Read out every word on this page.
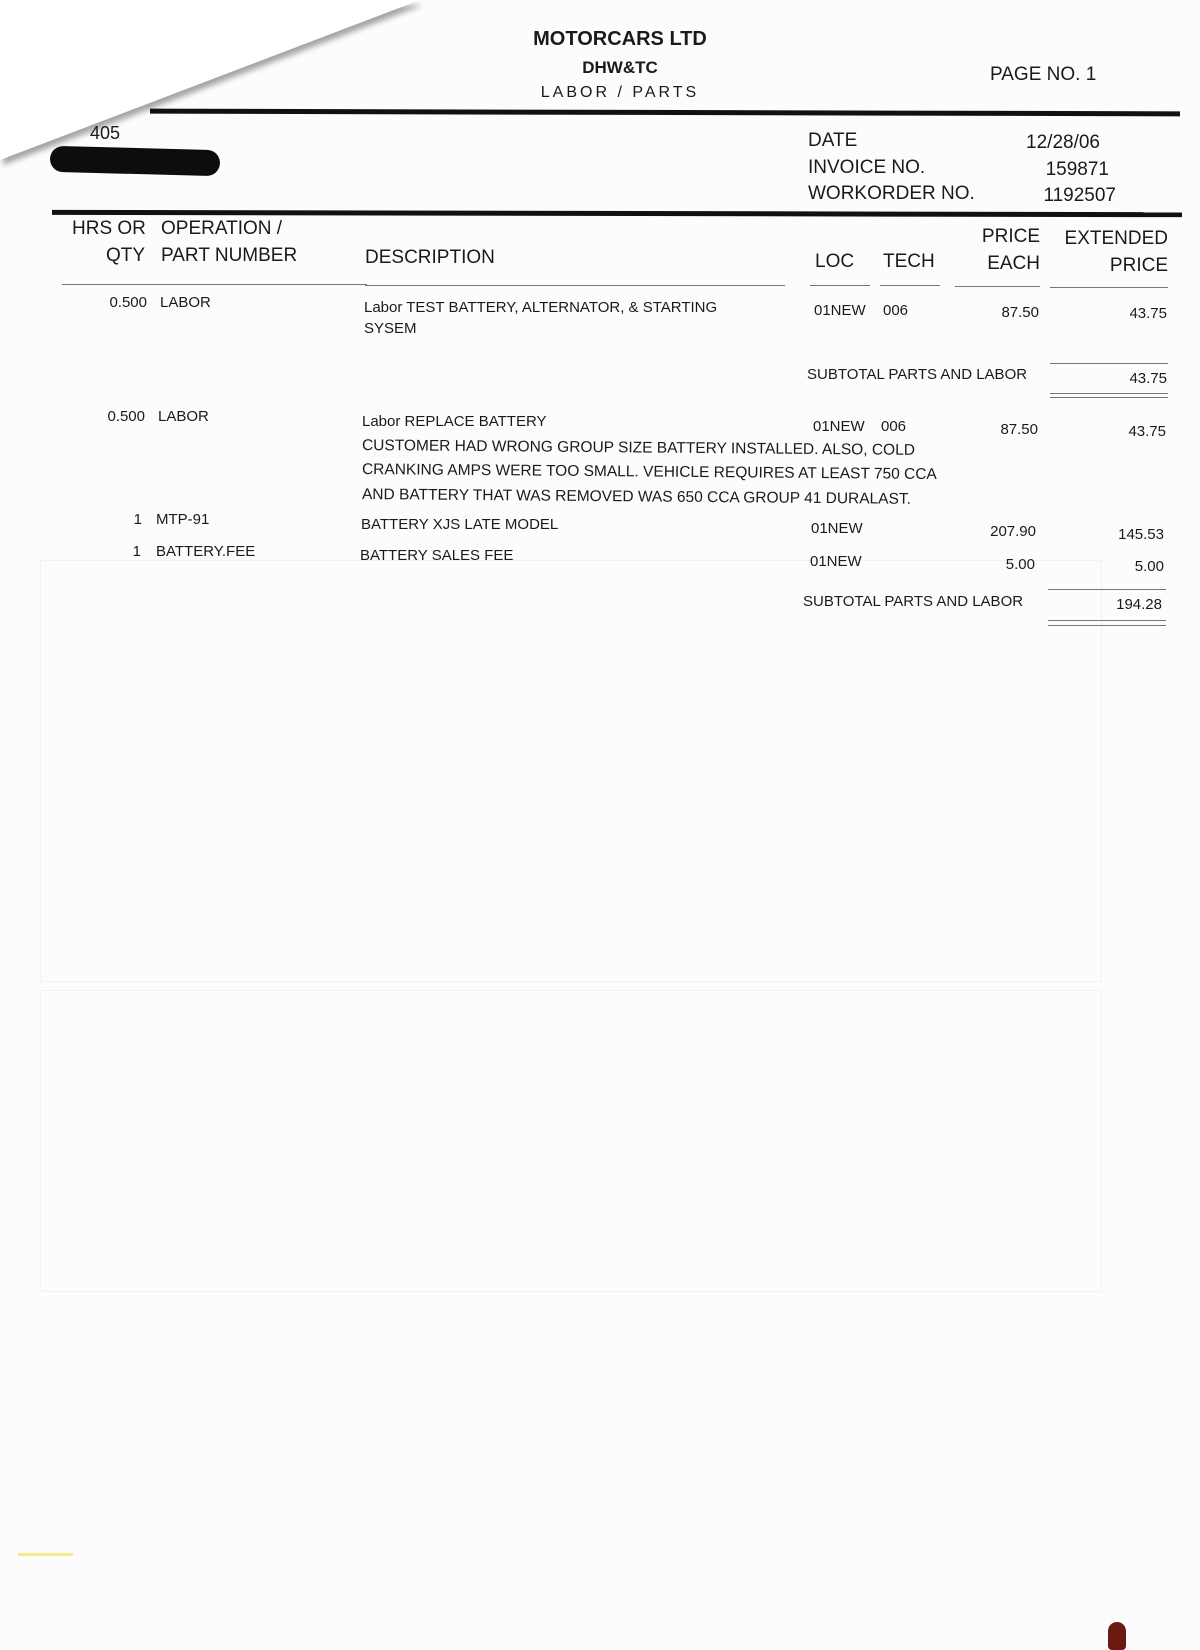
MOTORCARS LTD
DHW&TC
LABOR / PARTS
PAGE NO. 1
405	DATE	12/28/06
INVOICE NO.	159871
WORKORDER NO.	1192507
HRS OR
QTY
OPERATION /
PART NUMBER	DESCRIPTION	LOC TECH
PRICE
EACH
EXTENDED
PRICE
0.500 LABOR	Labor TEST BATTERY, ALTERNATOR, & STARTING
SYSEM
01NEW 006	87.50	43.75
SUBTOTAL PARTS AND LABOR	43.75
0.500 LABOR	Labor REPLACE BATTERY	01NEW 006	87.50	43.75
CUSTOMER HAD WRONG GROUP SIZE BATTERY INSTALLED. ALSO, COLD
CRANKING AMPS WERE TOO SMALL. VEHICLE REQUIRES AT LEAST 750 CCA
AND BATTERY THAT WAS REMOVED WAS 650 CCA GROUP 41 DURALAST.
1 MTP-91	BATTERY XJS LATE MODEL	01NEW	207.90	145.53
1 BATTERY.FEE	BATTERY SALES FEE	01NEW	5.00	5.00
SUBTOTAL PARTS AND LABOR	194.28
